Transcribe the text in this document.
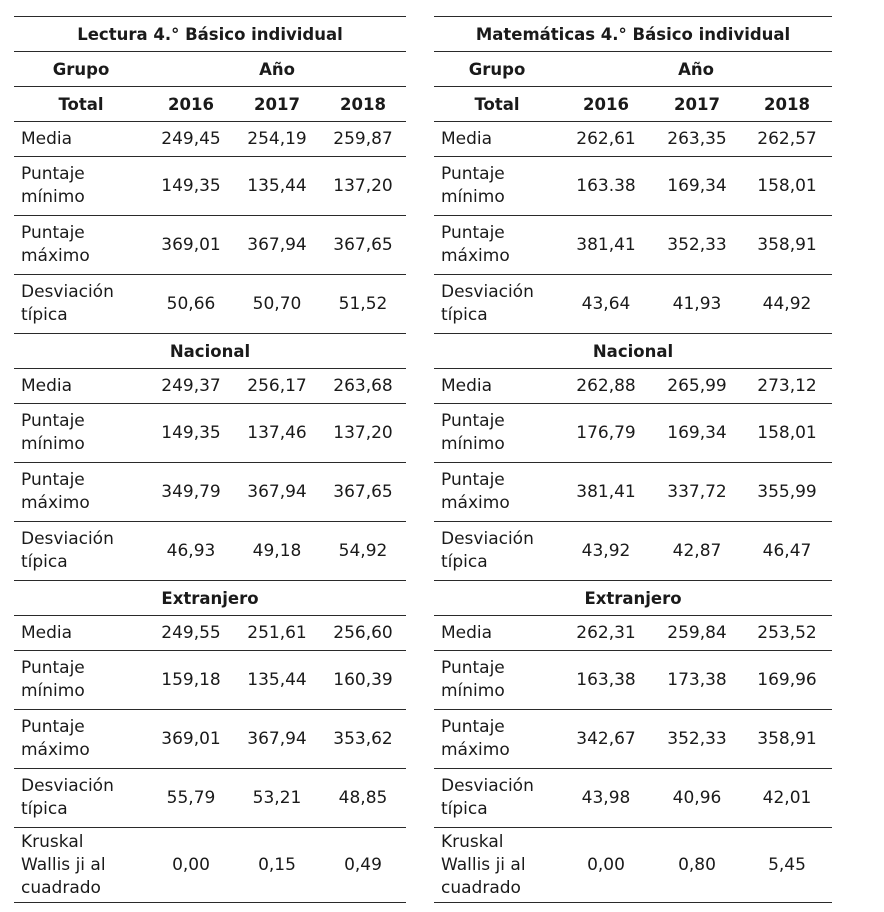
Lectura 4.° Básico individual			
Grupo	Año		
Total	2016	2017	2018
Media	249,45	254,19	259,87
Puntaje
mínimo	149,35	135,44	137,20
Puntaje
máximo	369,01	367,94	367,65
Desviación
típica	50,66	50,70	51,52
Nacional			
Media	249,37	256,17	263,68
Puntaje
mínimo	149,35	137,46	137,20
Puntaje
máximo	349,79	367,94	367,65
Desviación
típica	46,93	49,18	54,92
Extranjero			
Media	249,55	251,61	256,60
Puntaje
mínimo	159,18	135,44	160,39
Puntaje
máximo	369,01	367,94	353,62
Desviación
típica	55,79	53,21	48,85
Kruskal
Wallis ji al
cuadrado	0,00	0,15	0,49
Matemáticas 4.° Básico individual			
Grupo	Año		
Total	2016	2017	2018
Media	262,61	263,35	262,57
Puntaje
mínimo	163.38	169,34	158,01
Puntaje
máximo	381,41	352,33	358,91
Desviación
típica	43,64	41,93	44,92
Nacional			
Media	262,88	265,99	273,12
Puntaje
mínimo	176,79	169,34	158,01
Puntaje
máximo	381,41	337,72	355,99
Desviación
típica	43,92	42,87	46,47
Extranjero			
Media	262,31	259,84	253,52
Puntaje
mínimo	163,38	173,38	169,96
Puntaje
máximo	342,67	352,33	358,91
Desviación
típica	43,98	40,96	42,01
Kruskal
Wallis ji al
cuadrado	0,00	0,80	5,45
